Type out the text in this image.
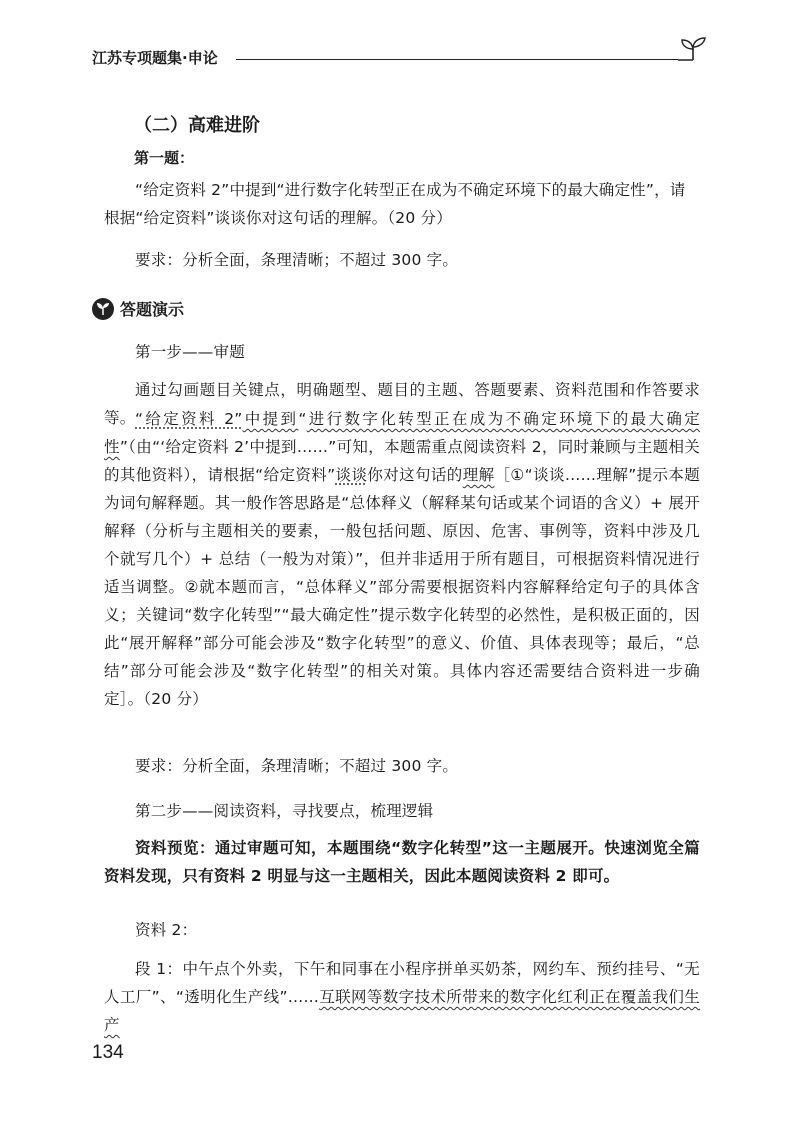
江苏专项题集·申论
（二）高难进阶
第一题：
“给定资料 2”中提到“进行数字化转型正在成为不确定环境下的最大确定性”，请
根据“给定资料”谈谈你对这句话的理解。（20 分）
要求：分析全面，条理清晰；不超过 300 字。
答题演示
第一步——审题
通过勾画题目关键点，明确题型、题目的主题、答题要素、资料范围和作答要求等。 “给定资料 2”中提到“进行数字化转型正在成为不确定环境下的最大确定性”（由“‘给定资料 2’中提到……”可知，本题需重点阅读资料 2，同时兼顾与主题相关的其他资料），请根据“给定资料”谈谈你对这句话的理解［①“谈谈……理解”提示本题为词句解释题。其一般作答思路是“总体释义（解释某句话或某个词语的含义）+ 展开解释（分析与主题相关的要素，一般包括问题、原因、危害、事例等，资料中涉及几个就写几个）+ 总结（一般为对策）”，但并非适用于所有题目，可根据资料情况进行适当调整。②就本题而言，“总体释义”部分需要根据资料内容解释给定句子的具体含义；关键词“数字化转型”“最大确定性”提示数字化转型的必然性，是积极正面的，因此“展开解释”部分可能会涉及“数字化转型”的意义、价值、具体表现等；最后，“总结”部分可能会涉及“数字化转型”的相关对策。具体内容还需要结合资料进一步确定］。（20 分）
要求：分析全面，条理清晰；不超过 300 字。
第二步——阅读资料，寻找要点，梳理逻辑
资料预览：通过审题可知，本题围绕“数字化转型”这一主题展开。快速浏览全篇资料发现，只有资料 2 明显与这一主题相关，因此本题阅读资料 2 即可。
资料 2：
段 1：中午点个外卖，下午和同事在小程序拼单买奶茶，网约车、预约挂号、“无人工厂”、“透明化生产线”……互联网等数字技术所带来的数字化红利正在覆盖我们生产
134
